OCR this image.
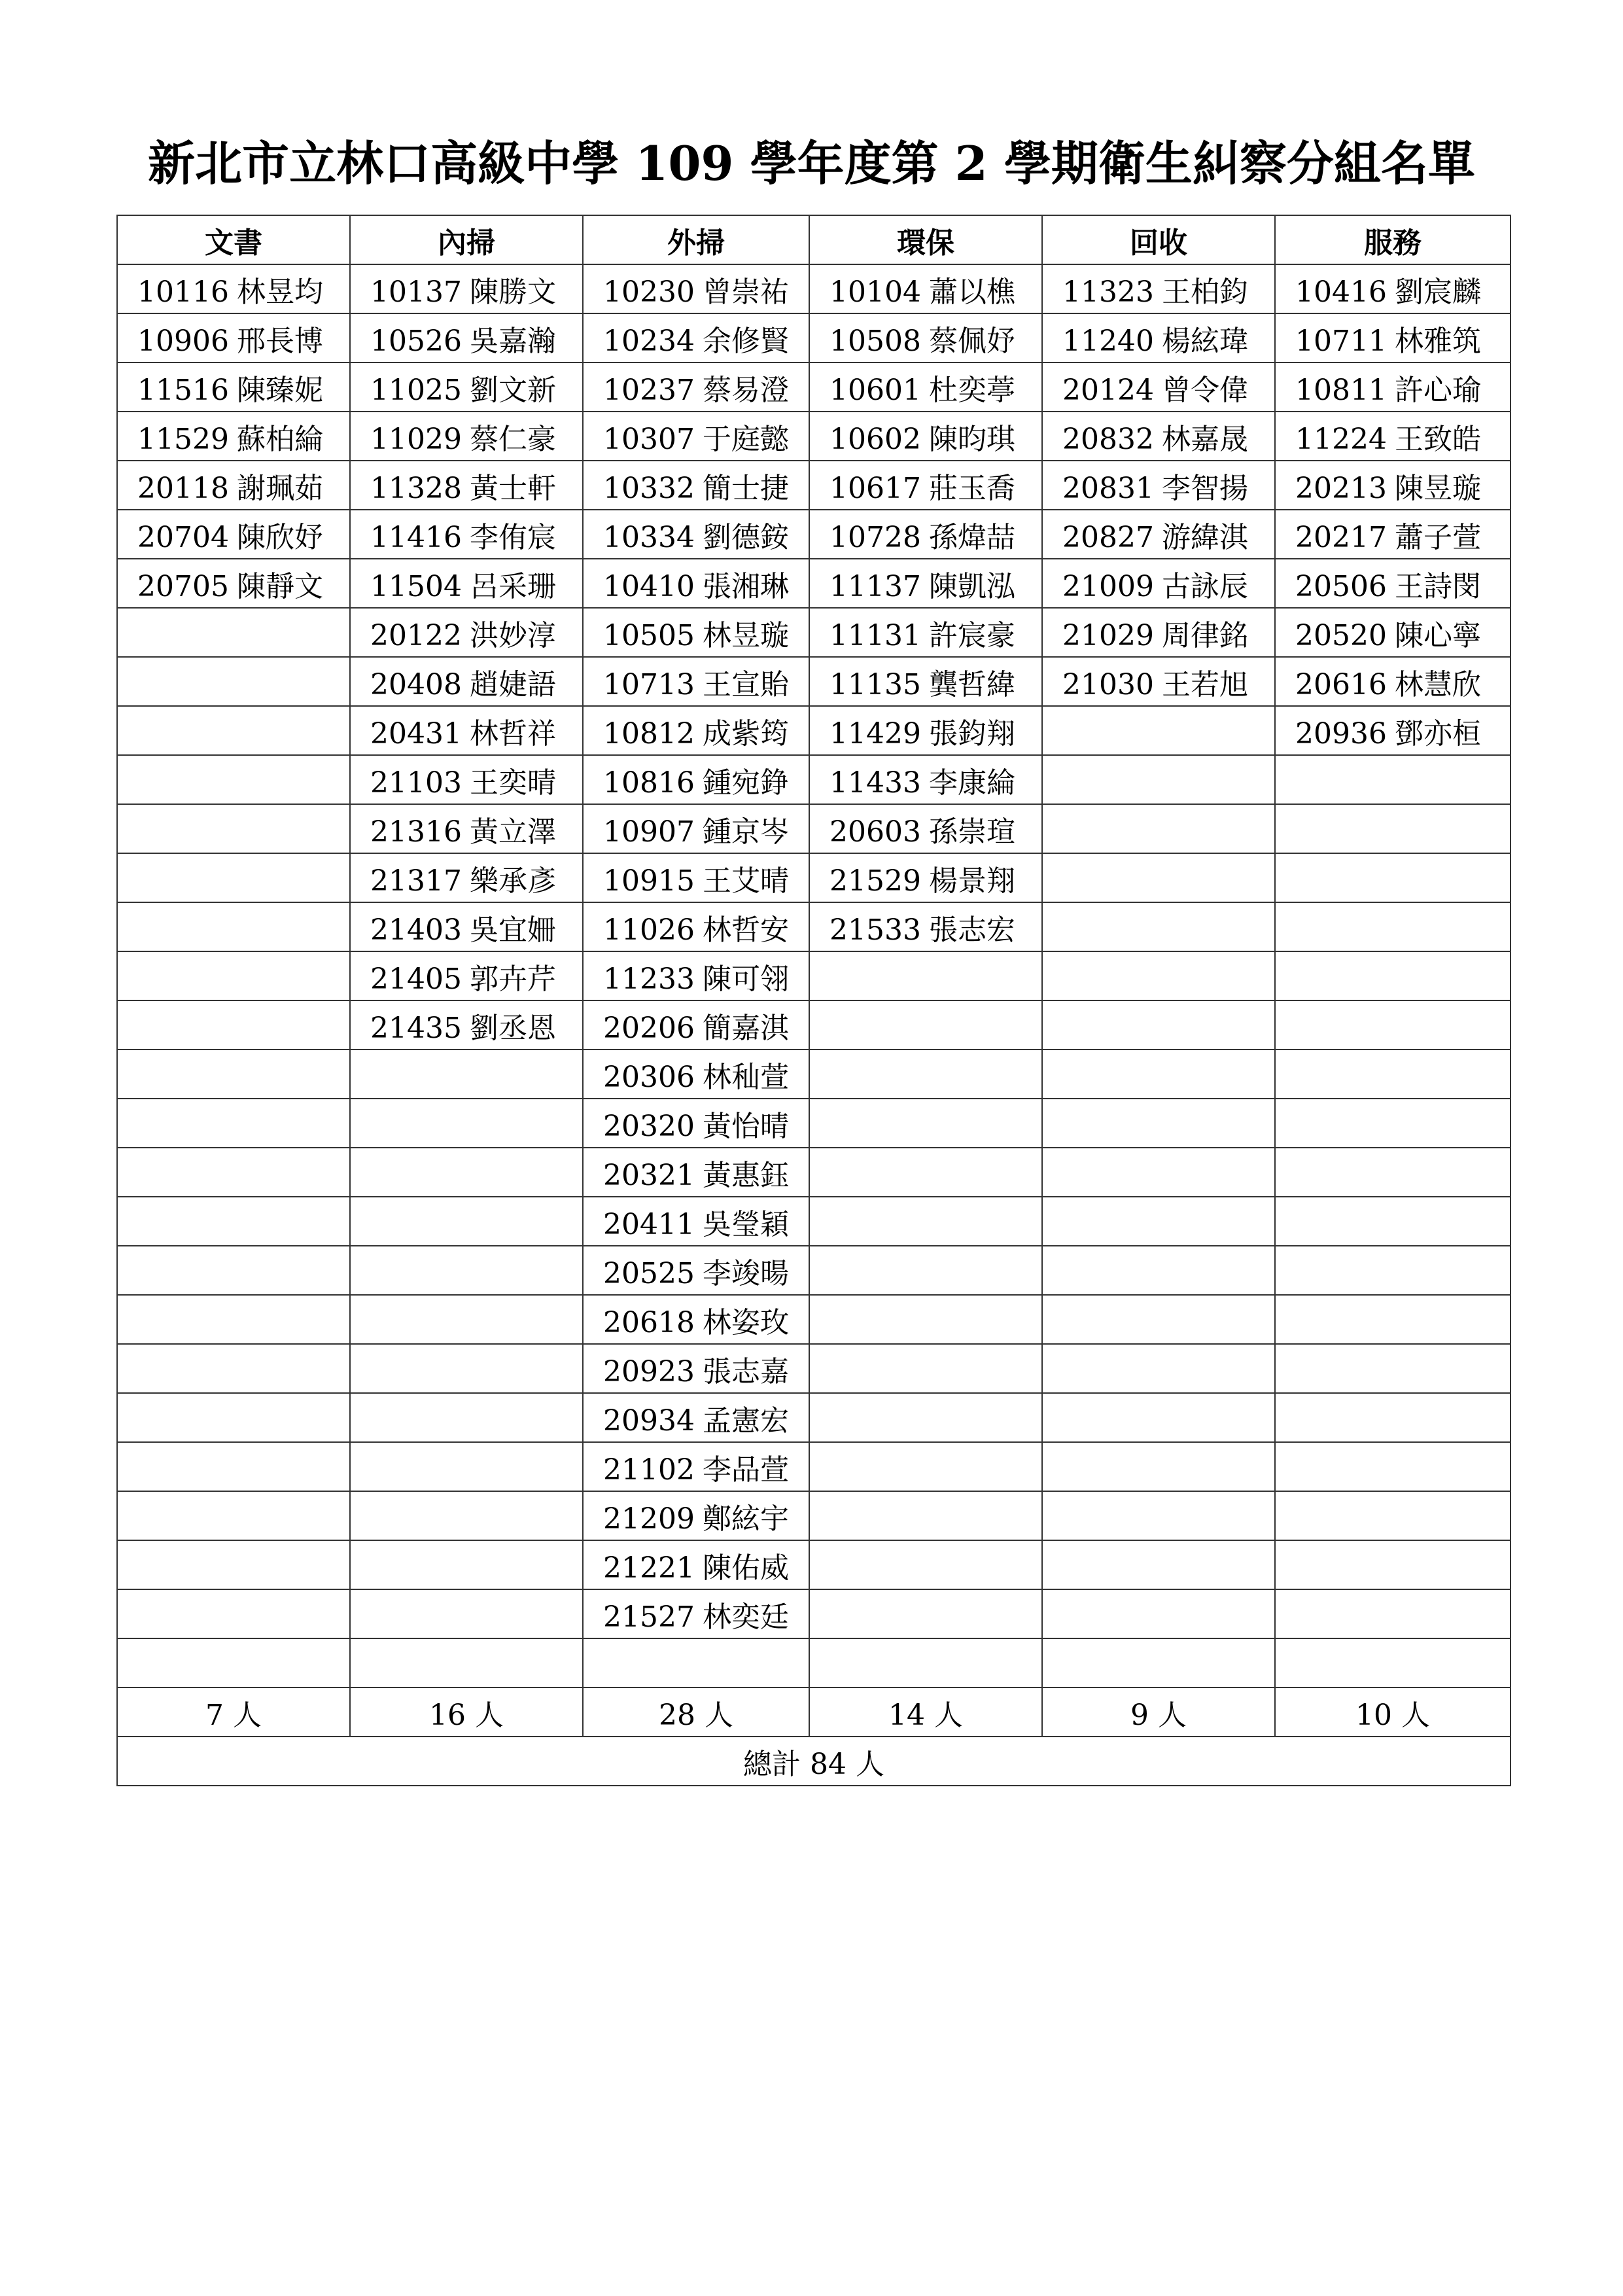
新北市立林口高級中學 109 學年度第 2 學期衛生糾察分組名單
文書	內掃	外掃	環保	回收	服務
10116 林昱均	10137 陳勝文	10230 曾崇祐	10104 蕭以樵	11323 王柏鈞	10416 劉宸麟
10906 邢長博	10526 吳嘉瀚	10234 余修賢	10508 蔡佩妤	11240 楊絃瑋	10711 林雅筑
11516 陳臻妮	11025 劉文新	10237 蔡易澄	10601 杜奕葶	20124 曾令偉	10811 許心瑜
11529 蘇柏綸	11029 蔡仁豪	10307 于庭懿	10602 陳昀琪	20832 林嘉晟	11224 王致皓
20118 謝珮茹	11328 黃士軒	10332 簡士捷	10617 莊玉喬	20831 李智揚	20213 陳昱璇
20704 陳欣妤	11416 李侑宸	10334 劉德銨	10728 孫煒喆	20827 游緯淇	20217 蕭子萱
20705 陳靜文	11504 呂采珊	10410 張湘琳	11137 陳凱泓	21009 古詠辰	20506 王詩閔
	20122 洪妙淳	10505 林昱璇	11131 許宸豪	21029 周律銘	20520 陳心寧
	20408 趙婕語	10713 王宣貽	11135 龔哲緯	21030 王若旭	20616 林慧欣
	20431 林哲祥	10812 成紫筠	11429 張鈞翔		20936 鄧亦桓
	21103 王奕晴	10816 鍾宛錚	11433 李康綸		
	21316 黃立澤	10907 鍾京岑	20603 孫崇瑄		
	21317 樂承彥	10915 王艾晴	21529 楊景翔		
	21403 吳宜姍	11026 林哲安	21533 張志宏		
	21405 郭卉芹	11233 陳可翎			
	21435 劉丞恩	20206 簡嘉淇			
		20306 林秈萱			
		20320 黃怡晴			
		20321 黃惠鈺			
		20411 吳瑩穎			
		20525 李竣暘			
		20618 林姿玫			
		20923 張志嘉			
		20934 孟憲宏			
		21102 李品萱			
		21209 鄭絃宇			
		21221 陳佑威			
		21527 林奕廷			

7 人	16 人	28 人	14 人	9 人	10 人
總計 84 人					
